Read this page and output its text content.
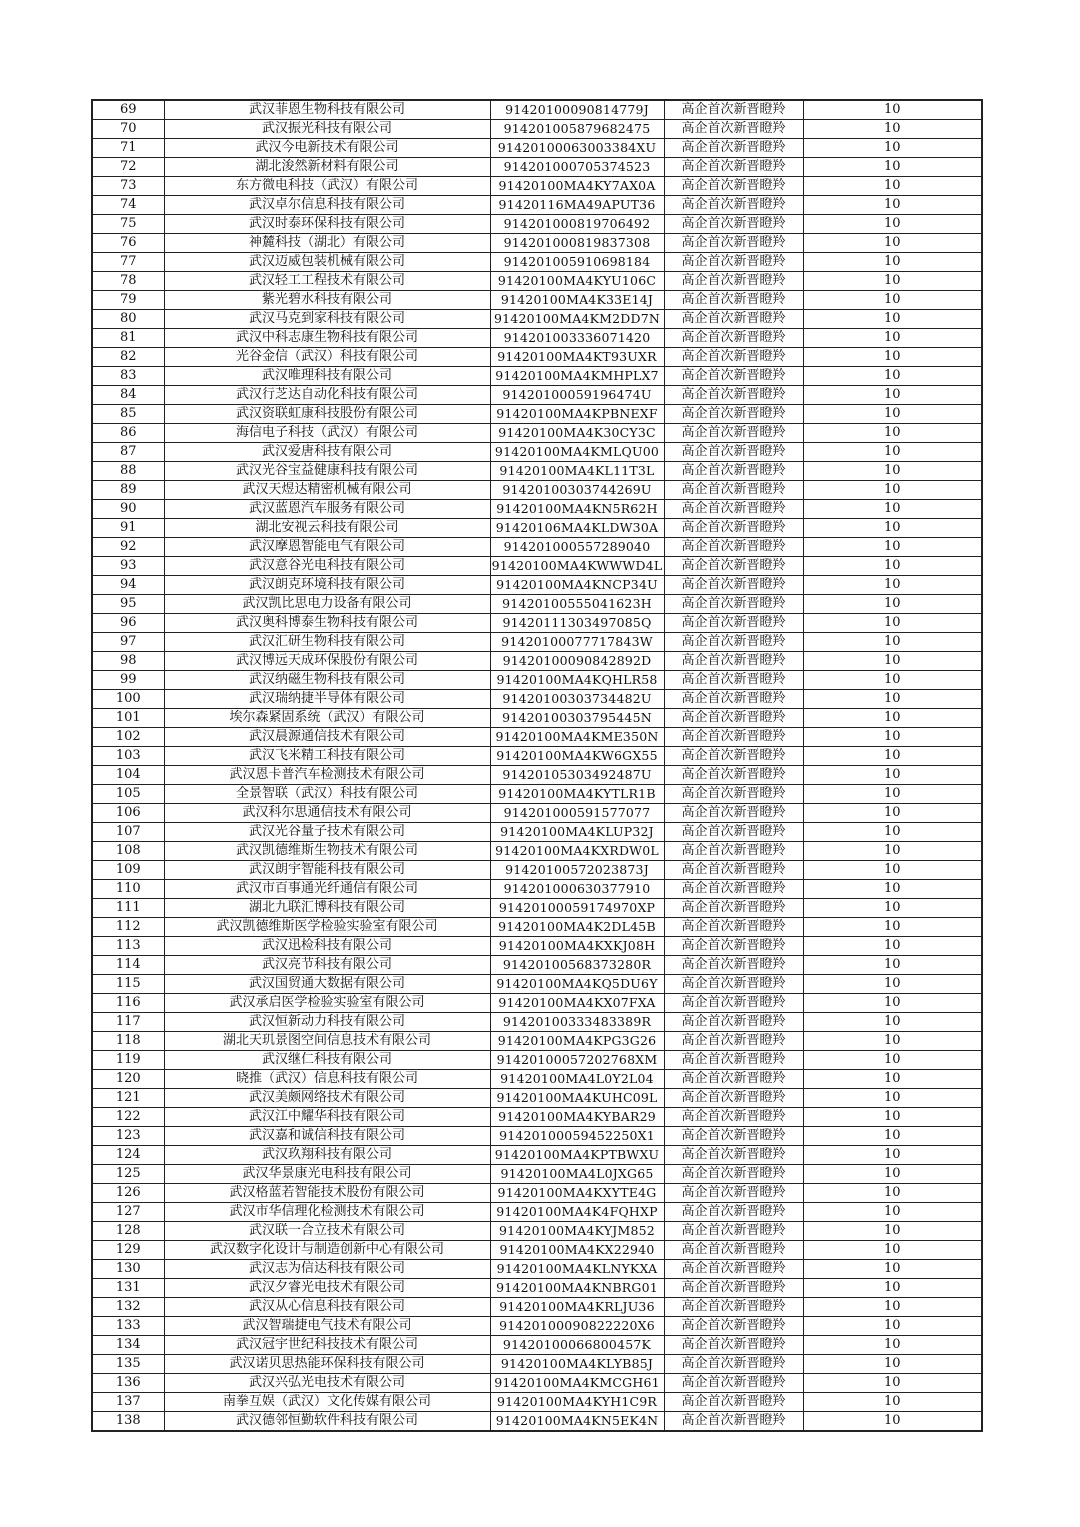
69	武汉菲恩生物科技有限公司	91420100090814779J	高企首次新晋瞪羚	10
70	武汉振光科技有限公司	914201005879682475	高企首次新晋瞪羚	10
71	武汉今电新技术有限公司	91420100063003384XU	高企首次新晋瞪羚	10
72	湖北浚然新材料有限公司	914201000705374523	高企首次新晋瞪羚	10
73	东方微电科技（武汉）有限公司	91420100MA4KY7AX0A	高企首次新晋瞪羚	10
74	武汉卓尔信息科技有限公司	91420116MA49APUT36	高企首次新晋瞪羚	10
75	武汉时泰环保科技有限公司	914201000819706492	高企首次新晋瞪羚	10
76	神麓科技（湖北）有限公司	914201000819837308	高企首次新晋瞪羚	10
77	武汉迈威包装机械有限公司	914201005910698184	高企首次新晋瞪羚	10
78	武汉轻工工程技术有限公司	91420100MA4KYU106C	高企首次新晋瞪羚	10
79	紫光碧水科技有限公司	91420100MA4K33E14J	高企首次新晋瞪羚	10
80	武汉马克到家科技有限公司	91420100MA4KM2DD7N	高企首次新晋瞪羚	10
81	武汉中科志康生物科技有限公司	914201003336071420	高企首次新晋瞪羚	10
82	光谷金信（武汉）科技有限公司	91420100MA4KT93UXR	高企首次新晋瞪羚	10
83	武汉唯理科技有限公司	91420100MA4KMHPLX7	高企首次新晋瞪羚	10
84	武汉行芝达自动化科技有限公司	91420100059196474U	高企首次新晋瞪羚	10
85	武汉资联虹康科技股份有限公司	91420100MA4KPBNEXF	高企首次新晋瞪羚	10
86	海信电子科技（武汉）有限公司	91420100MA4K30CY3C	高企首次新晋瞪羚	10
87	武汉爱唐科技有限公司	91420100MA4KMLQU00	高企首次新晋瞪羚	10
88	武汉光谷宝益健康科技有限公司	91420100MA4KL11T3L	高企首次新晋瞪羚	10
89	武汉天煜达精密机械有限公司	91420100303744269U	高企首次新晋瞪羚	10
90	武汉蓝恩汽车服务有限公司	91420100MA4KN5R62H	高企首次新晋瞪羚	10
91	湖北安视云科技有限公司	91420106MA4KLDW30A	高企首次新晋瞪羚	10
92	武汉摩恩智能电气有限公司	914201000557289040	高企首次新晋瞪羚	10
93	武汉意谷光电科技有限公司	91420100MA4KWWWD4L	高企首次新晋瞪羚	10
94	武汉朗克环境科技有限公司	91420100MA4KNCP34U	高企首次新晋瞪羚	10
95	武汉凯比思电力设备有限公司	91420100555041623H	高企首次新晋瞪羚	10
96	武汉奥科博泰生物科技有限公司	91420111303497085Q	高企首次新晋瞪羚	10
97	武汉汇研生物科技有限公司	91420100077717843W	高企首次新晋瞪羚	10
98	武汉博远天成环保股份有限公司	91420100090842892D	高企首次新晋瞪羚	10
99	武汉纳磁生物科技有限公司	91420100MA4KQHLR58	高企首次新晋瞪羚	10
100	武汉瑞纳捷半导体有限公司	91420100303734482U	高企首次新晋瞪羚	10
101	埃尔森紧固系统（武汉）有限公司	91420100303795445N	高企首次新晋瞪羚	10
102	武汉晨源通信技术有限公司	91420100MA4KME350N	高企首次新晋瞪羚	10
103	武汉飞米精工科技有限公司	91420100MA4KW6GX55	高企首次新晋瞪羚	10
104	武汉恩卡普汽车检测技术有限公司	91420105303492487U	高企首次新晋瞪羚	10
105	全景智联（武汉）科技有限公司	91420100MA4KYTLR1B	高企首次新晋瞪羚	10
106	武汉科尔思通信技术有限公司	914201000591577077	高企首次新晋瞪羚	10
107	武汉光谷量子技术有限公司	91420100MA4KLUP32J	高企首次新晋瞪羚	10
108	武汉凯德维斯生物技术有限公司	91420100MA4KXRDW0L	高企首次新晋瞪羚	10
109	武汉朗宇智能科技有限公司	91420100572023873J	高企首次新晋瞪羚	10
110	武汉市百事通光纤通信有限公司	914201000630377910	高企首次新晋瞪羚	10
111	湖北九联汇博科技有限公司	91420100059174970XP	高企首次新晋瞪羚	10
112	武汉凯德维斯医学检验实验室有限公司	91420100MA4K2DL45B	高企首次新晋瞪羚	10
113	武汉迅检科技有限公司	91420100MA4KXKJ08H	高企首次新晋瞪羚	10
114	武汉亮节科技有限公司	91420100568373280R	高企首次新晋瞪羚	10
115	武汉国贸通大数据有限公司	91420100MA4KQ5DU6Y	高企首次新晋瞪羚	10
116	武汉承启医学检验实验室有限公司	91420100MA4KX07FXA	高企首次新晋瞪羚	10
117	武汉恒新动力科技有限公司	91420100333483389R	高企首次新晋瞪羚	10
118	湖北天玑景图空间信息技术有限公司	91420100MA4KPG3G26	高企首次新晋瞪羚	10
119	武汉继仁科技有限公司	91420100057202768XM	高企首次新晋瞪羚	10
120	晓推（武汉）信息科技有限公司	91420100MA4L0Y2L04	高企首次新晋瞪羚	10
121	武汉美颇网络技术有限公司	91420100MA4KUHC09L	高企首次新晋瞪羚	10
122	武汉江中耀华科技有限公司	91420100MA4KYBAR29	高企首次新晋瞪羚	10
123	武汉嘉和诚信科技有限公司	91420100059452250X1	高企首次新晋瞪羚	10
124	武汉玖翔科技有限公司	91420100MA4KPTBWXU	高企首次新晋瞪羚	10
125	武汉华景康光电科技有限公司	91420100MA4L0JXG65	高企首次新晋瞪羚	10
126	武汉格蓝若智能技术股份有限公司	91420100MA4KXYTE4G	高企首次新晋瞪羚	10
127	武汉市华信理化检测技术有限公司	91420100MA4K4FQHXP	高企首次新晋瞪羚	10
128	武汉联一合立技术有限公司	91420100MA4KYJM852	高企首次新晋瞪羚	10
129	武汉数字化设计与制造创新中心有限公司	91420100MA4KX22940	高企首次新晋瞪羚	10
130	武汉志为信达科技有限公司	91420100MA4KLNYKXA	高企首次新晋瞪羚	10
131	武汉夕睿光电技术有限公司	91420100MA4KNBRG01	高企首次新晋瞪羚	10
132	武汉从心信息科技有限公司	91420100MA4KRLJU36	高企首次新晋瞪羚	10
133	武汉智瑞捷电气技术有限公司	91420100090822220X6	高企首次新晋瞪羚	10
134	武汉冠宇世纪科技技术有限公司	91420100066800457K	高企首次新晋瞪羚	10
135	武汉诺贝思热能环保科技有限公司	91420100MA4KLYB85J	高企首次新晋瞪羚	10
136	武汉兴弘光电技术有限公司	91420100MA4KMCGH61	高企首次新晋瞪羚	10
137	南拳互娱（武汉）文化传媒有限公司	91420100MA4KYH1C9R	高企首次新晋瞪羚	10
138	武汉德邻恒勤软件科技有限公司	91420100MA4KN5EK4N	高企首次新晋瞪羚	10
